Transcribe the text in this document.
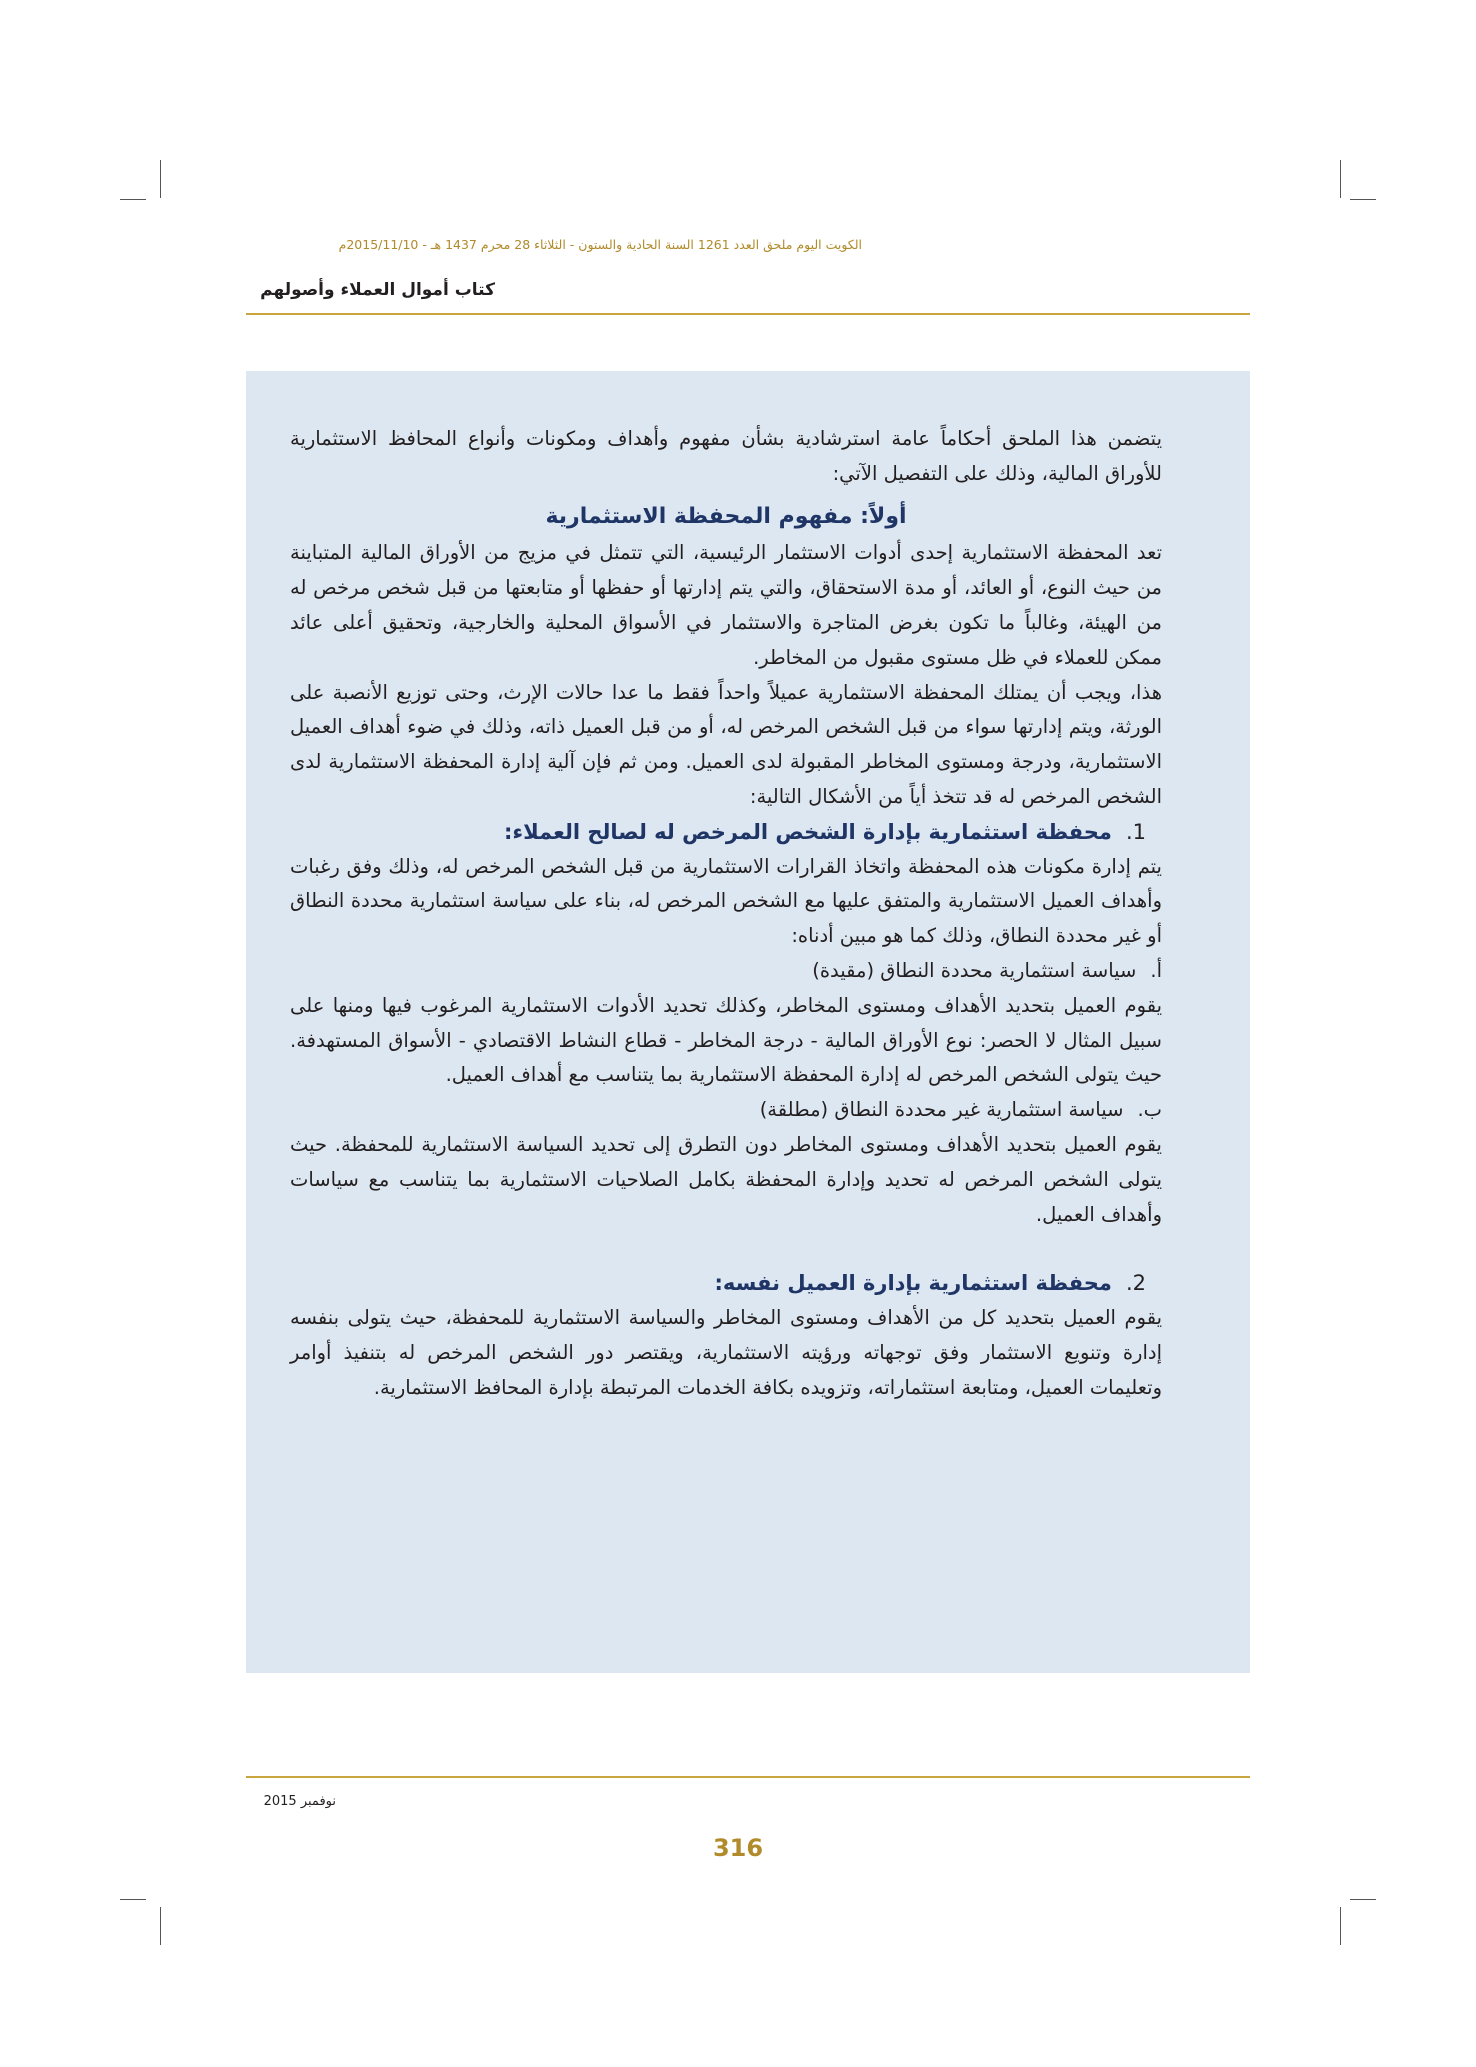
الكويت اليوم ملحق العدد 1261 السنة الحادية والستون - الثلاثاء 28 محرم 1437 هـ - 2015/11/10م
كتاب أموال العملاء وأصولهم

يتضمن هذا الملحق أحكاماً عامة استرشادية بشأن مفهوم وأهداف ومكونات وأنواع المحافظ الاستثمارية للأوراق المالية، وذلك على التفصيل الآتي:

أولاً: مفهوم المحفظة الاستثمارية

تعد المحفظة الاستثمارية إحدى أدوات الاستثمار الرئيسية، التي تتمثل في مزيج من الأوراق المالية المتباينة من حيث النوع، أو العائد، أو مدة الاستحقاق، والتي يتم إدارتها أو حفظها أو متابعتها من قبل شخص مرخص له من الهيئة، وغالباً ما تكون بغرض المتاجرة والاستثمار في الأسواق المحلية والخارجية، وتحقيق أعلى عائد ممكن للعملاء في ظل مستوى مقبول من المخاطر.

هذا، ويجب أن يمتلك المحفظة الاستثمارية عميلاً واحداً فقط ما عدا حالات الإرث، وحتى توزيع الأنصبة على الورثة، ويتم إدارتها سواء من قبل الشخص المرخص له، أو من قبل العميل ذاته، وذلك في ضوء أهداف العميل الاستثمارية، ودرجة ومستوى المخاطر المقبولة لدى العميل. ومن ثم فإن آلية إدارة المحفظة الاستثمارية لدى الشخص المرخص له قد تتخذ أياً من الأشكال التالية:

1.محفظة استثمارية بإدارة الشخص المرخص له لصالح العملاء:

يتم إدارة مكونات هذه المحفظة واتخاذ القرارات الاستثمارية من قبل الشخص المرخص له، وذلك وفق رغبات وأهداف العميل الاستثمارية والمتفق عليها مع الشخص المرخص له، بناء على سياسة استثمارية محددة النطاق أو غير محددة النطاق، وذلك كما هو مبين أدناه:

أ.سياسة استثمارية محددة النطاق (مقيدة)

يقوم العميل بتحديد الأهداف ومستوى المخاطر، وكذلك تحديد الأدوات الاستثمارية المرغوب فيها ومنها على سبيل المثال لا الحصر: نوع الأوراق المالية - درجة المخاطر - قطاع النشاط الاقتصادي - الأسواق المستهدفة. حيث يتولى الشخص المرخص له إدارة المحفظة الاستثمارية بما يتناسب مع أهداف العميل.

ب.سياسة استثمارية غير محددة النطاق (مطلقة)

يقوم العميل بتحديد الأهداف ومستوى المخاطر دون التطرق إلى تحديد السياسة الاستثمارية للمحفظة. حيث يتولى الشخص المرخص له تحديد وإدارة المحفظة بكامل الصلاحيات الاستثمارية بما يتناسب مع سياسات وأهداف العميل.

2.محفظة استثمارية بإدارة العميل نفسه:

يقوم العميل بتحديد كل من الأهداف ومستوى المخاطر والسياسة الاستثمارية للمحفظة، حيث يتولى بنفسه إدارة وتنويع الاستثمار وفق توجهاته ورؤيته الاستثمارية، ويقتصر دور الشخص المرخص له بتنفيذ أوامر وتعليمات العميل، ومتابعة استثماراته، وتزويده بكافة الخدمات المرتبطة بإدارة المحافظ الاستثمارية.

نوفمبر 2015
316
